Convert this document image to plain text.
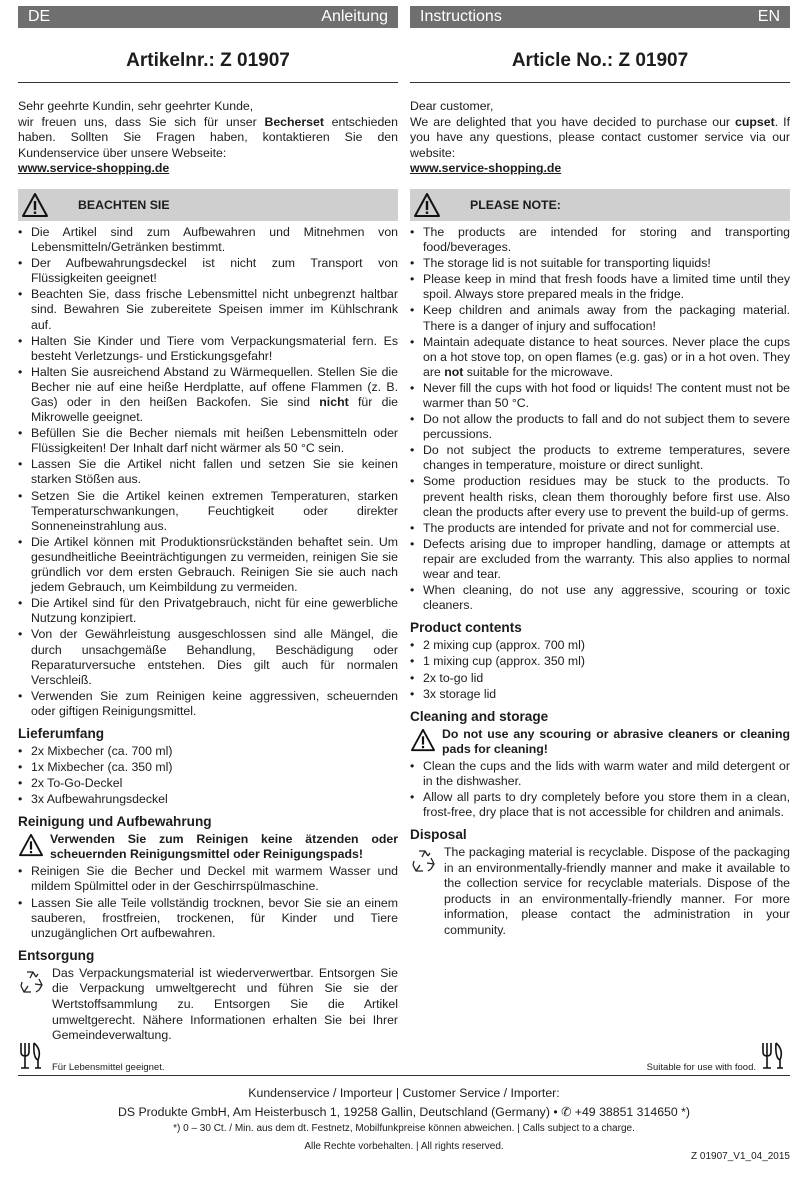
DE	Anleitung
Artikelnr.: Z 01907
Sehr geehrte Kundin, sehr geehrter Kunde,
wir freuen uns, dass Sie sich für unser Becherset entschieden haben. Sollten Sie Fragen haben, kontaktieren Sie den Kundenservice über unsere Webseite:
www.service-shopping.de
BEACHTEN SIE
• Die Artikel sind zum Aufbewahren und Mitnehmen von Lebensmitteln/Getränken bestimmt.
• Der Aufbewahrungsdeckel ist nicht zum Transport von Flüssigkeiten geeignet!
• Beachten Sie, dass frische Lebensmittel nicht unbegrenzt haltbar sind. Bewahren Sie zubereitete Speisen immer im Kühlschrank auf.
• Halten Sie Kinder und Tiere vom Verpackungsmaterial fern. Es besteht Verletzungs- und Erstickungsgefahr!
• Halten Sie ausreichend Abstand zu Wärmequellen. Stellen Sie die Becher nie auf eine heiße Herdplatte, auf offene Flammen (z. B. Gas) oder in den heißen Backofen. Sie sind nicht für die Mikrowelle geeignet.
• Befüllen Sie die Becher niemals mit heißen Lebensmitteln oder Flüssigkeiten! Der Inhalt darf nicht wärmer als 50 °C sein.
• Lassen Sie die Artikel nicht fallen und setzen Sie sie keinen starken Stößen aus.
• Setzen Sie die Artikel keinen extremen Temperaturen, starken Temperaturschwankungen, Feuchtigkeit oder direkter Sonneneinstrahlung aus.
• Die Artikel können mit Produktionsrückständen behaftet sein. Um gesundheitliche Beeinträchtigungen zu vermeiden, reinigen Sie sie gründlich vor dem ersten Gebrauch. Reinigen Sie sie auch nach jedem Gebrauch, um Keimbildung zu vermeiden.
• Die Artikel sind für den Privatgebrauch, nicht für eine gewerbliche Nutzung konzipiert.
• Von der Gewährleistung ausgeschlossen sind alle Mängel, die durch unsachgemäße Behandlung, Beschädigung oder Reparaturversuche entstehen. Dies gilt auch für normalen Verschleiß.
• Verwenden Sie zum Reinigen keine aggressiven, scheuernden oder giftigen Reinigungsmittel.
Lieferumfang
• 2x Mixbecher (ca. 700 ml)
• 1x Mixbecher (ca. 350 ml)
• 2x To-Go-Deckel
• 3x Aufbewahrungsdeckel
Reinigung und Aufbewahrung
Verwenden Sie zum Reinigen keine ätzenden oder scheuernden Reinigungsmittel oder Reinigungspads!
• Reinigen Sie die Becher und Deckel mit warmem Wasser und mildem Spülmittel oder in der Geschirrspülmaschine.
• Lassen Sie alle Teile vollständig trocknen, bevor Sie sie an einem sauberen, frostfreien, trockenen, für Kinder und Tiere unzugänglichen Ort aufbewahren.
Entsorgung
Das Verpackungsmaterial ist wiederverwertbar. Entsorgen Sie die Verpackung umweltgerecht und führen Sie sie der Wertstoffsammlung zu. Entsorgen Sie die Artikel umweltgerecht. Nähere Informationen erhalten Sie bei Ihrer Gemeindeverwaltung.
Instructions	EN
Article No.: Z 01907
Dear customer,
We are delighted that you have decided to purchase our cupset. If you have any questions, please contact customer service via our website:
www.service-shopping.de
PLEASE NOTE:
• The products are intended for storing and transporting food/beverages.
• The storage lid is not suitable for transporting liquids!
• Please keep in mind that fresh foods have a limited time until they spoil. Always store prepared meals in the fridge.
• Keep children and animals away from the packaging material. There is a danger of injury and suffocation!
• Maintain adequate distance to heat sources. Never place the cups on a hot stove top, on open flames (e.g. gas) or in a hot oven. They are not suitable for the microwave.
• Never fill the cups with hot food or liquids! The content must not be warmer than 50 °C.
• Do not allow the products to fall and do not subject them to severe percussions.
• Do not subject the products to extreme temperatures, severe changes in temperature, moisture or direct sunlight.
• Some production residues may be stuck to the products. To prevent health risks, clean them thoroughly before first use. Also clean the products after every use to prevent the build-up of germs.
• The products are intended for private and not for commercial use.
• Defects arising due to improper handling, damage or attempts at repair are excluded from the warranty. This also applies to normal wear and tear.
• When cleaning, do not use any aggressive, scouring or toxic cleaners.
Product contents
• 2 mixing cup (approx. 700 ml)
• 1 mixing cup (approx. 350 ml)
• 2x to-go lid
• 3x storage lid
Cleaning and storage
Do not use any scouring or abrasive cleaners or cleaning pads for cleaning!
• Clean the cups and the lids with warm water and mild detergent or in the dishwasher.
• Allow all parts to dry completely before you store them in a clean, frost-free, dry place that is not accessible for children and animals.
Disposal
The packaging material is recyclable. Dispose of the packaging in an environmentally-friendly manner and make it available to the collection service for recyclable materials. Dispose of the products in an environmentally-friendly manner. For more information, please contact the administration in your community.
Für Lebensmittel geeignet.	Suitable for use with food.
Kundenservice / Importeur | Customer Service / Importer:
DS Produkte GmbH, Am Heisterbusch 1, 19258 Gallin, Deutschland (Germany) • ✆ +49 38851 314650 *)
*) 0 – 30 Ct. / Min. aus dem dt. Festnetz, Mobilfunkpreise können abweichen. | Calls subject to a charge.
Alle Rechte vorbehalten. | All rights reserved.
Z 01907_V1_04_2015
